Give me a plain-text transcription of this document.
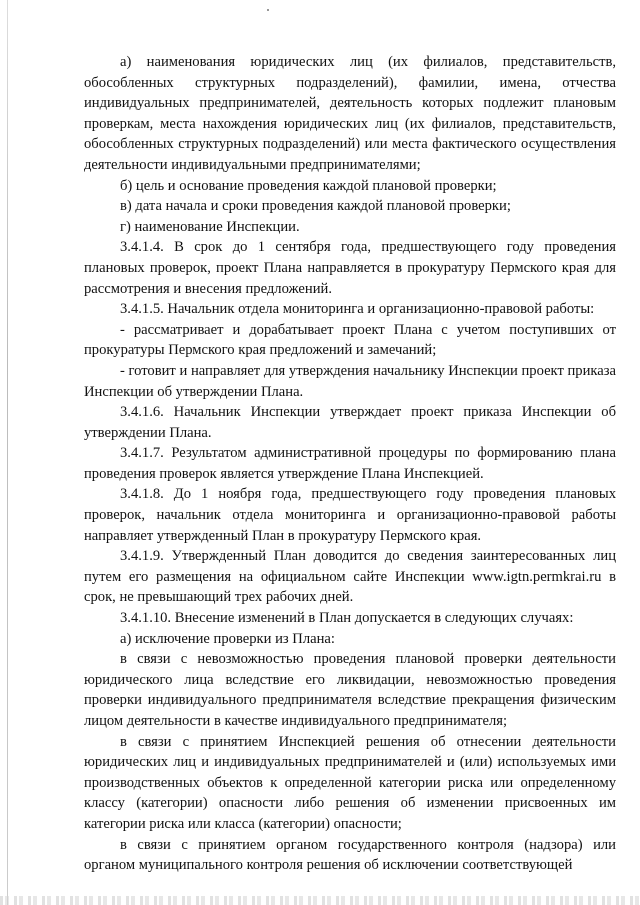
а) наименования юридических лиц (их филиалов, представительств, обособленных структурных подразделений), фамилии, имена, отчества индивидуальных предпринимателей, деятельность которых подлежит плановым проверкам, места нахождения юридических лиц (их филиалов, представительств, обособленных структурных подразделений) или места фактического осуществления деятельности индивидуальными предпринимателями;

б) цель и основание проведения каждой плановой проверки;

в) дата начала и сроки проведения каждой плановой проверки;

г) наименование Инспекции.

3.4.1.4. В срок до 1 сентября года, предшествующего году проведения плановых проверок, проект Плана направляется в прокуратуру Пермского края для рассмотрения и внесения предложений.

3.4.1.5. Начальник отдела мониторинга и организационно-правовой работы:

- рассматривает и дорабатывает проект Плана с учетом поступивших от прокуратуры Пермского края предложений и замечаний;

- готовит и направляет для утверждения начальнику Инспекции проект приказа Инспекции об утверждении Плана.

3.4.1.6. Начальник Инспекции утверждает проект приказа Инспекции об утверждении Плана.

3.4.1.7. Результатом административной процедуры по формированию плана проведения проверок является утверждение Плана Инспекцией.

3.4.1.8. До 1 ноября года, предшествующего году проведения плановых проверок, начальник отдела мониторинга и организационно-правовой работы направляет утвержденный План в прокуратуру Пермского края.

3.4.1.9. Утвержденный План доводится до сведения заинтересованных лиц путем его размещения на официальном сайте Инспекции www.igtn.permkrai.ru в срок, не превышающий трех рабочих дней.

3.4.1.10. Внесение изменений в План допускается в следующих случаях:

а) исключение проверки из Плана:

в связи с невозможностью проведения плановой проверки деятельности юридического лица вследствие его ликвидации, невозможностью проведения проверки индивидуального предпринимателя вследствие прекращения физическим лицом деятельности в качестве индивидуального предпринимателя;

в связи с принятием Инспекцией решения об отнесении деятельности юридических лиц и индивидуальных предпринимателей и (или) используемых ими производственных объектов к определенной категории риска или определенному классу (категории) опасности либо решения об изменении присвоенных им категории риска или класса (категории) опасности;

в связи с принятием органом государственного контроля (надзора) или органом муниципального контроля решения об исключении соответствующей
